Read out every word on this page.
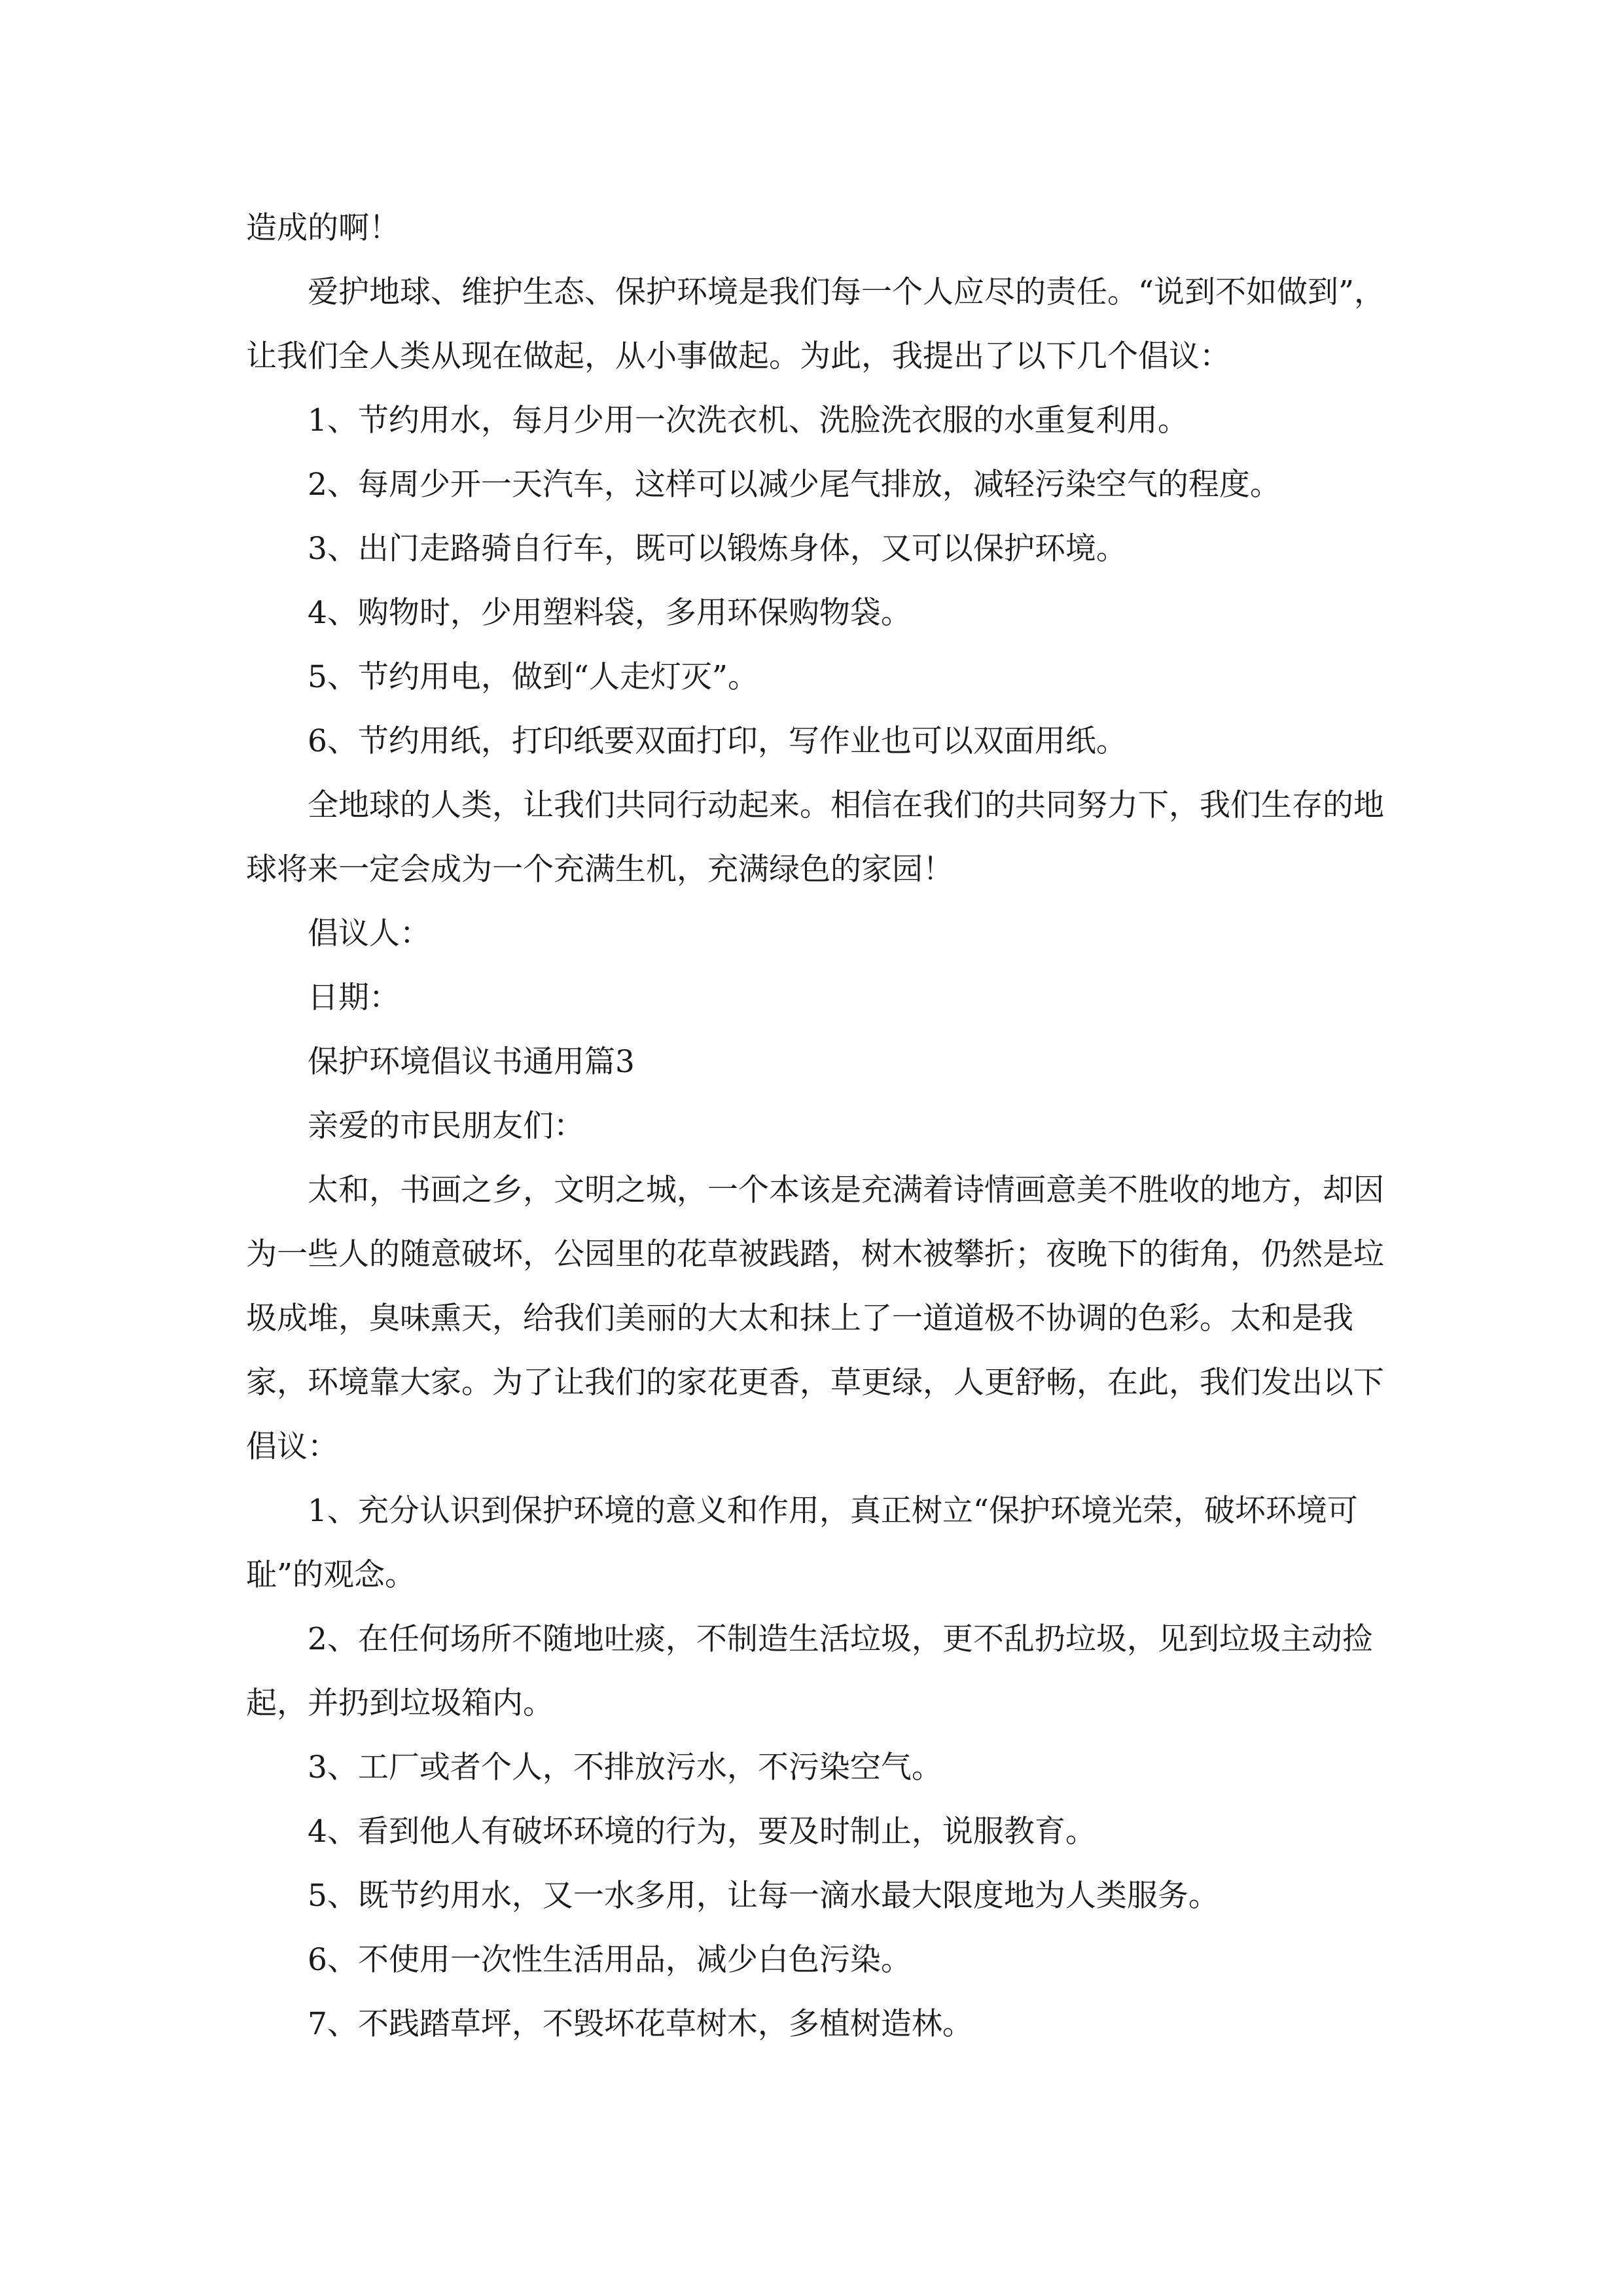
造成的啊！

爱护地球、维护生态、保护环境是我们每一个人应尽的责任。“说到不如做到”，让我们全人类从现在做起，从小事做起。为此，我提出了以下几个倡议：

1、节约用水，每月少用一次洗衣机、洗脸洗衣服的水重复利用。

2、每周少开一天汽车，这样可以减少尾气排放，减轻污染空气的程度。

3、出门走路骑自行车，既可以锻炼身体，又可以保护环境。

4、购物时，少用塑料袋，多用环保购物袋。

5、节约用电，做到“人走灯灭”。

6、节约用纸，打印纸要双面打印，写作业也可以双面用纸。

全地球的人类，让我们共同行动起来。相信在我们的共同努力下，我们生存的地球将来一定会成为一个充满生机，充满绿色的家园！

倡议人：

日期：

保护环境倡议书通用篇3

亲爱的市民朋友们：

太和，书画之乡，文明之城，一个本该是充满着诗情画意美不胜收的地方，却因为一些人的随意破坏，公园里的花草被践踏，树木被攀折；夜晚下的街角，仍然是垃圾成堆，臭味熏天，给我们美丽的大太和抹上了一道道极不协调的色彩。太和是我家，环境靠大家。为了让我们的家花更香，草更绿，人更舒畅，在此，我们发出以下倡议：

1、充分认识到保护环境的意义和作用，真正树立“保护环境光荣，破坏环境可耻”的观念。

2、在任何场所不随地吐痰，不制造生活垃圾，更不乱扔垃圾，见到垃圾主动捡起，并扔到垃圾箱内。

3、工厂或者个人，不排放污水，不污染空气。

4、看到他人有破坏环境的行为，要及时制止，说服教育。

5、既节约用水，又一水多用，让每一滴水最大限度地为人类服务。

6、不使用一次性生活用品，减少白色污染。

7、不践踏草坪，不毁坏花草树木，多植树造林。
